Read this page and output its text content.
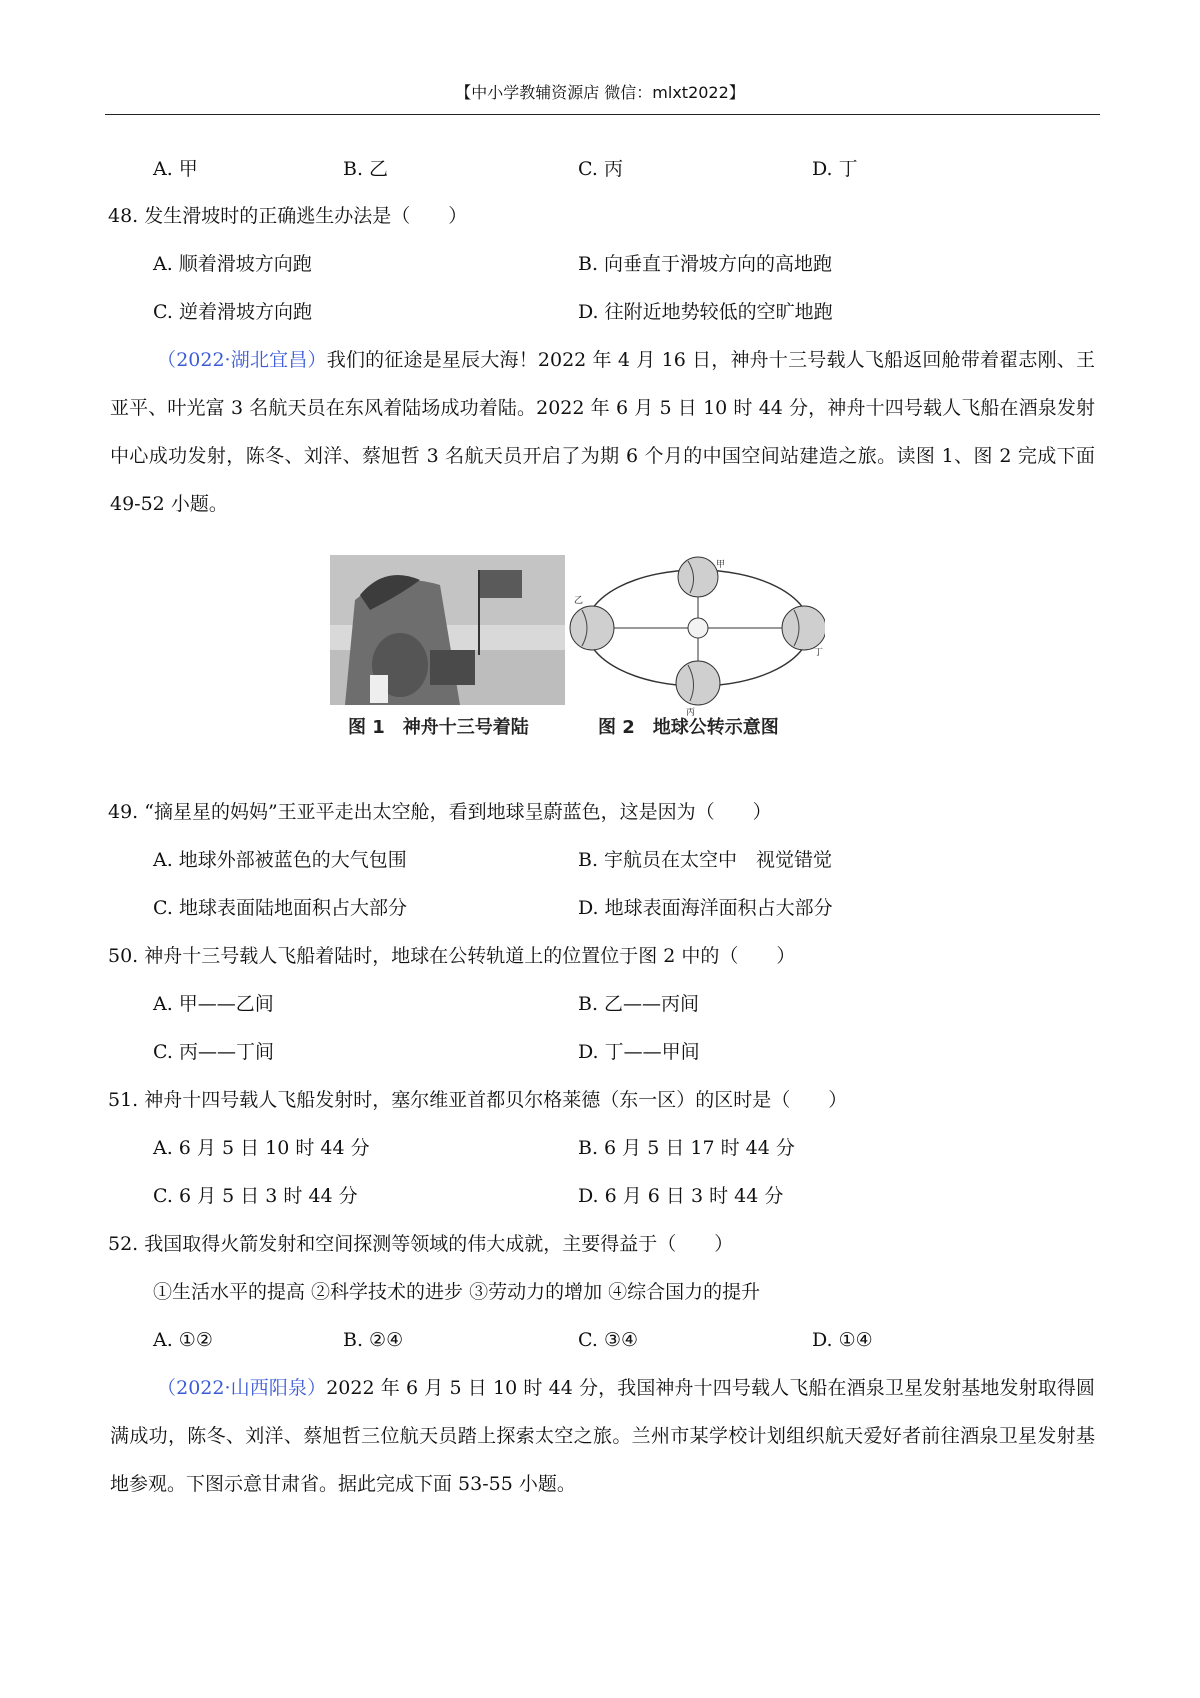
【中小学教辅资源店 微信：mlxt2022】
A. 甲	B. 乙	C. 丙	D. 丁
48. 发生滑坡时的正确逃生办法是（　　）
A. 顺着滑坡方向跑	B. 向垂直于滑坡方向的高地跑
C. 逆着滑坡方向跑	D. 往附近地势较低的空旷地跑
（2022·湖北宜昌）我们的征途是星辰大海！2022 年 4 月 16 日，神舟十三号载人飞船返回舱带着翟志刚、王亚平、叶光富 3 名航天员在东风着陆场成功着陆。2022 年 6 月 5 日 10 时 44 分，神舟十四号载人飞船在酒泉发射中心成功发射，陈冬、刘洋、蔡旭哲 3 名航天员开启了为期 6 个月的中国空间站建造之旅。读图 1、图 2 完成下面 49-52 小题。
图 1　神舟十三号着陆
甲
乙
丙
丁
图 2　地球公转示意图
49. “摘星星的妈妈”王亚平走出太空舱，看到地球呈蔚蓝色，这是因为（　　）
A. 地球外部被蓝色的大气包围	B. 宇航员在太空中　视觉错觉
C. 地球表面陆地面积占大部分	D. 地球表面海洋面积占大部分
50. 神舟十三号载人飞船着陆时，地球在公转轨道上的位置位于图 2 中的（　　）
A. 甲——乙间	B. 乙——丙间
C. 丙——丁间	D. 丁——甲间
51. 神舟十四号载人飞船发射时，塞尔维亚首都贝尔格莱德（东一区）的区时是（　　）
A. 6 月 5 日 10 时 44 分	B. 6 月 5 日 17 时 44 分
C. 6 月 5 日 3 时 44 分	D. 6 月 6 日 3 时 44 分
52. 我国取得火箭发射和空间探测等领域的伟大成就，主要得益于（　　）
①生活水平的提高 ②科学技术的进步 ③劳动力的增加 ④综合国力的提升
A. ①②	B. ②④	C. ③④	D. ①④
（2022·山西阳泉）2022 年 6 月 5 日 10 时 44 分，我国神舟十四号载人飞船在酒泉卫星发射基地发射取得圆满成功，陈冬、刘洋、蔡旭哲三位航天员踏上探索太空之旅。兰州市某学校计划组织航天爱好者前往酒泉卫星发射基地参观。下图示意甘肃省。据此完成下面 53-55 小题。
